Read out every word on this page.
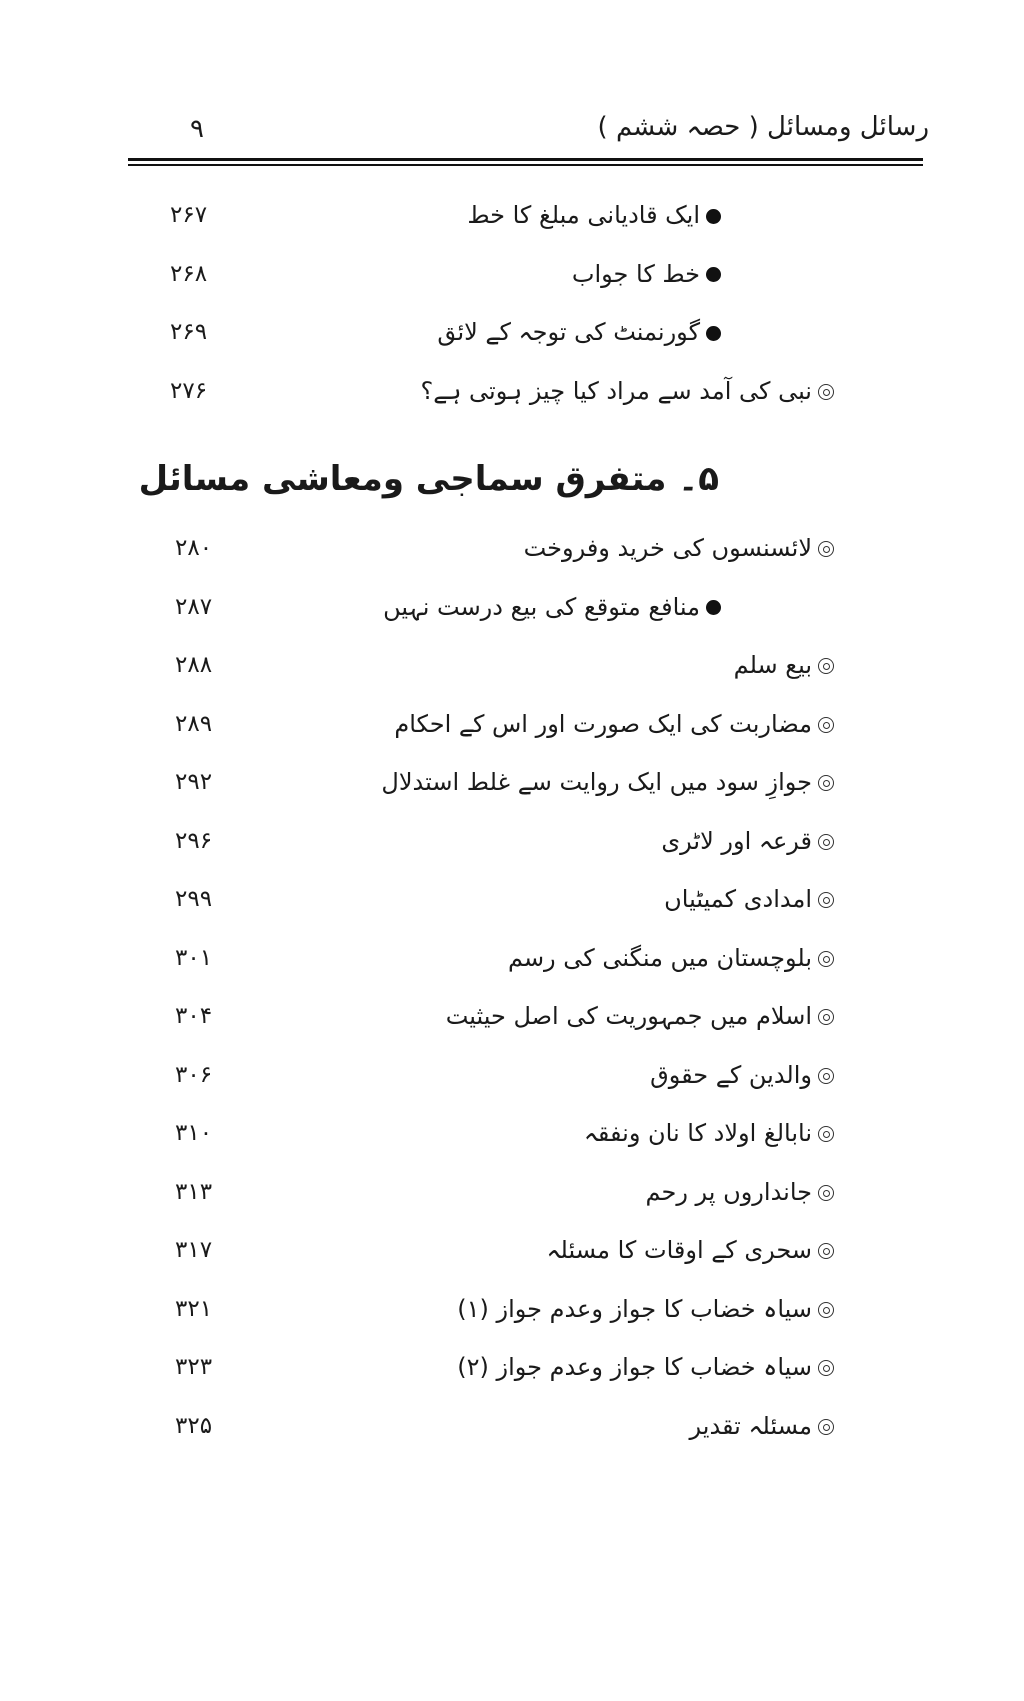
رسائل ومسائل ( حصہ ششم )
۹
ایک قادیانی مبلغ کا خط
۲۶۷
خط کا جواب
۲۶۸
گورنمنٹ کی توجہ کے لائق
۲۶۹
نبی کی آمد سے مراد کیا چیز ہوتی ہے؟
۲۷۶
۵۔ متفرق سماجی ومعاشی مسائل
لائسنسوں کی خرید وفروخت
۲۸۰
منافع متوقع کی بیع درست نہیں
۲۸۷
بیع سلم
۲۸۸
مضاربت کی ایک صورت اور اس کے احکام
۲۸۹
جوازِ سود میں ایک روایت سے غلط استدلال
۲۹۲
قرعہ اور لاٹری
۲۹۶
امدادی کمیٹیاں
۲۹۹
بلوچستان میں منگنی کی رسم
۳۰۱
اسلام میں جمہوریت کی اصل حیثیت
۳۰۴
والدین کے حقوق
۳۰۶
نابالغ اولاد کا نان ونفقہ
۳۱۰
جانداروں پر رحم
۳۱۳
سحری کے اوقات کا مسئلہ
۳۱۷
سیاہ خضاب کا جواز وعدم جواز (۱)
۳۲۱
سیاہ خضاب کا جواز وعدم جواز (۲)
۳۲۳
مسئلہ تقدیر
۳۲۵
